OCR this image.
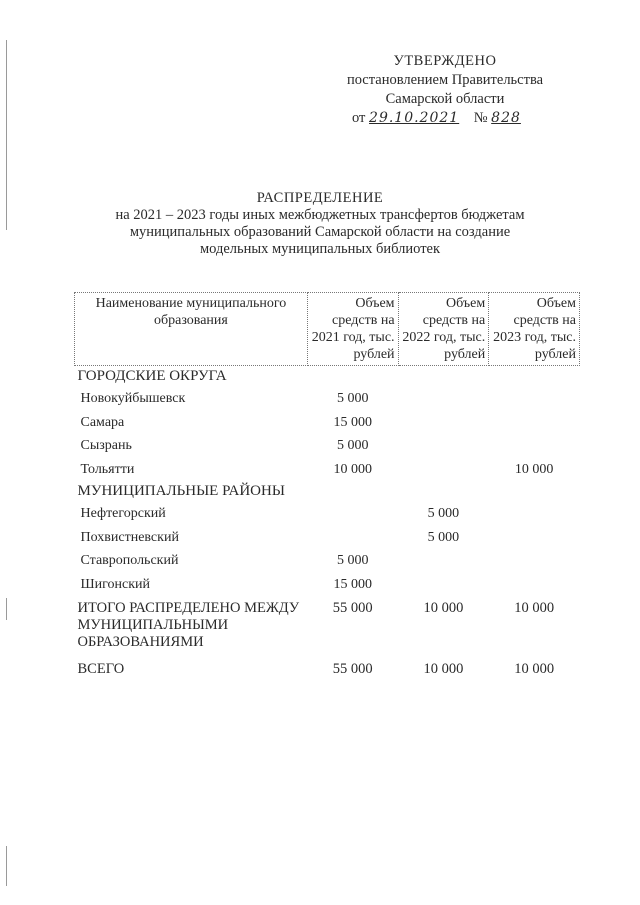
УТВЕРЖДЕНО
постановлением Правительства
Самарской области
от 29.10.2021 № 828
РАСПРЕДЕЛЕНИЕ
на 2021 – 2023 годы иных межбюджетных трансфертов бюджетам
муниципальных образований Самарской области на создание
модельных муниципальных библиотек
Наименование муниципального образования	Объем средств на 2021 год, тыс. рублей	Объем средств на 2022 год, тыс. рублей	Объем средств на 2023 год, тыс. рублей
ГОРОДСКИЕ ОКРУГА			
Новокуйбышевск	5 000		
Самара	15 000		
Сызрань	5 000		
Тольятти	10 000		10 000
МУНИЦИПАЛЬНЫЕ РАЙОНЫ			
Нефтегорский		5 000	
Похвистневский		5 000	
Ставропольский	5 000		
Шигонский	15 000		
ИТОГО РАСПРЕДЕЛЕНО МЕЖДУ МУНИЦИПАЛЬНЫМИ ОБРАЗОВАНИЯМИ	55 000	10 000	10 000
ВСЕГО	55 000	10 000	10 000
